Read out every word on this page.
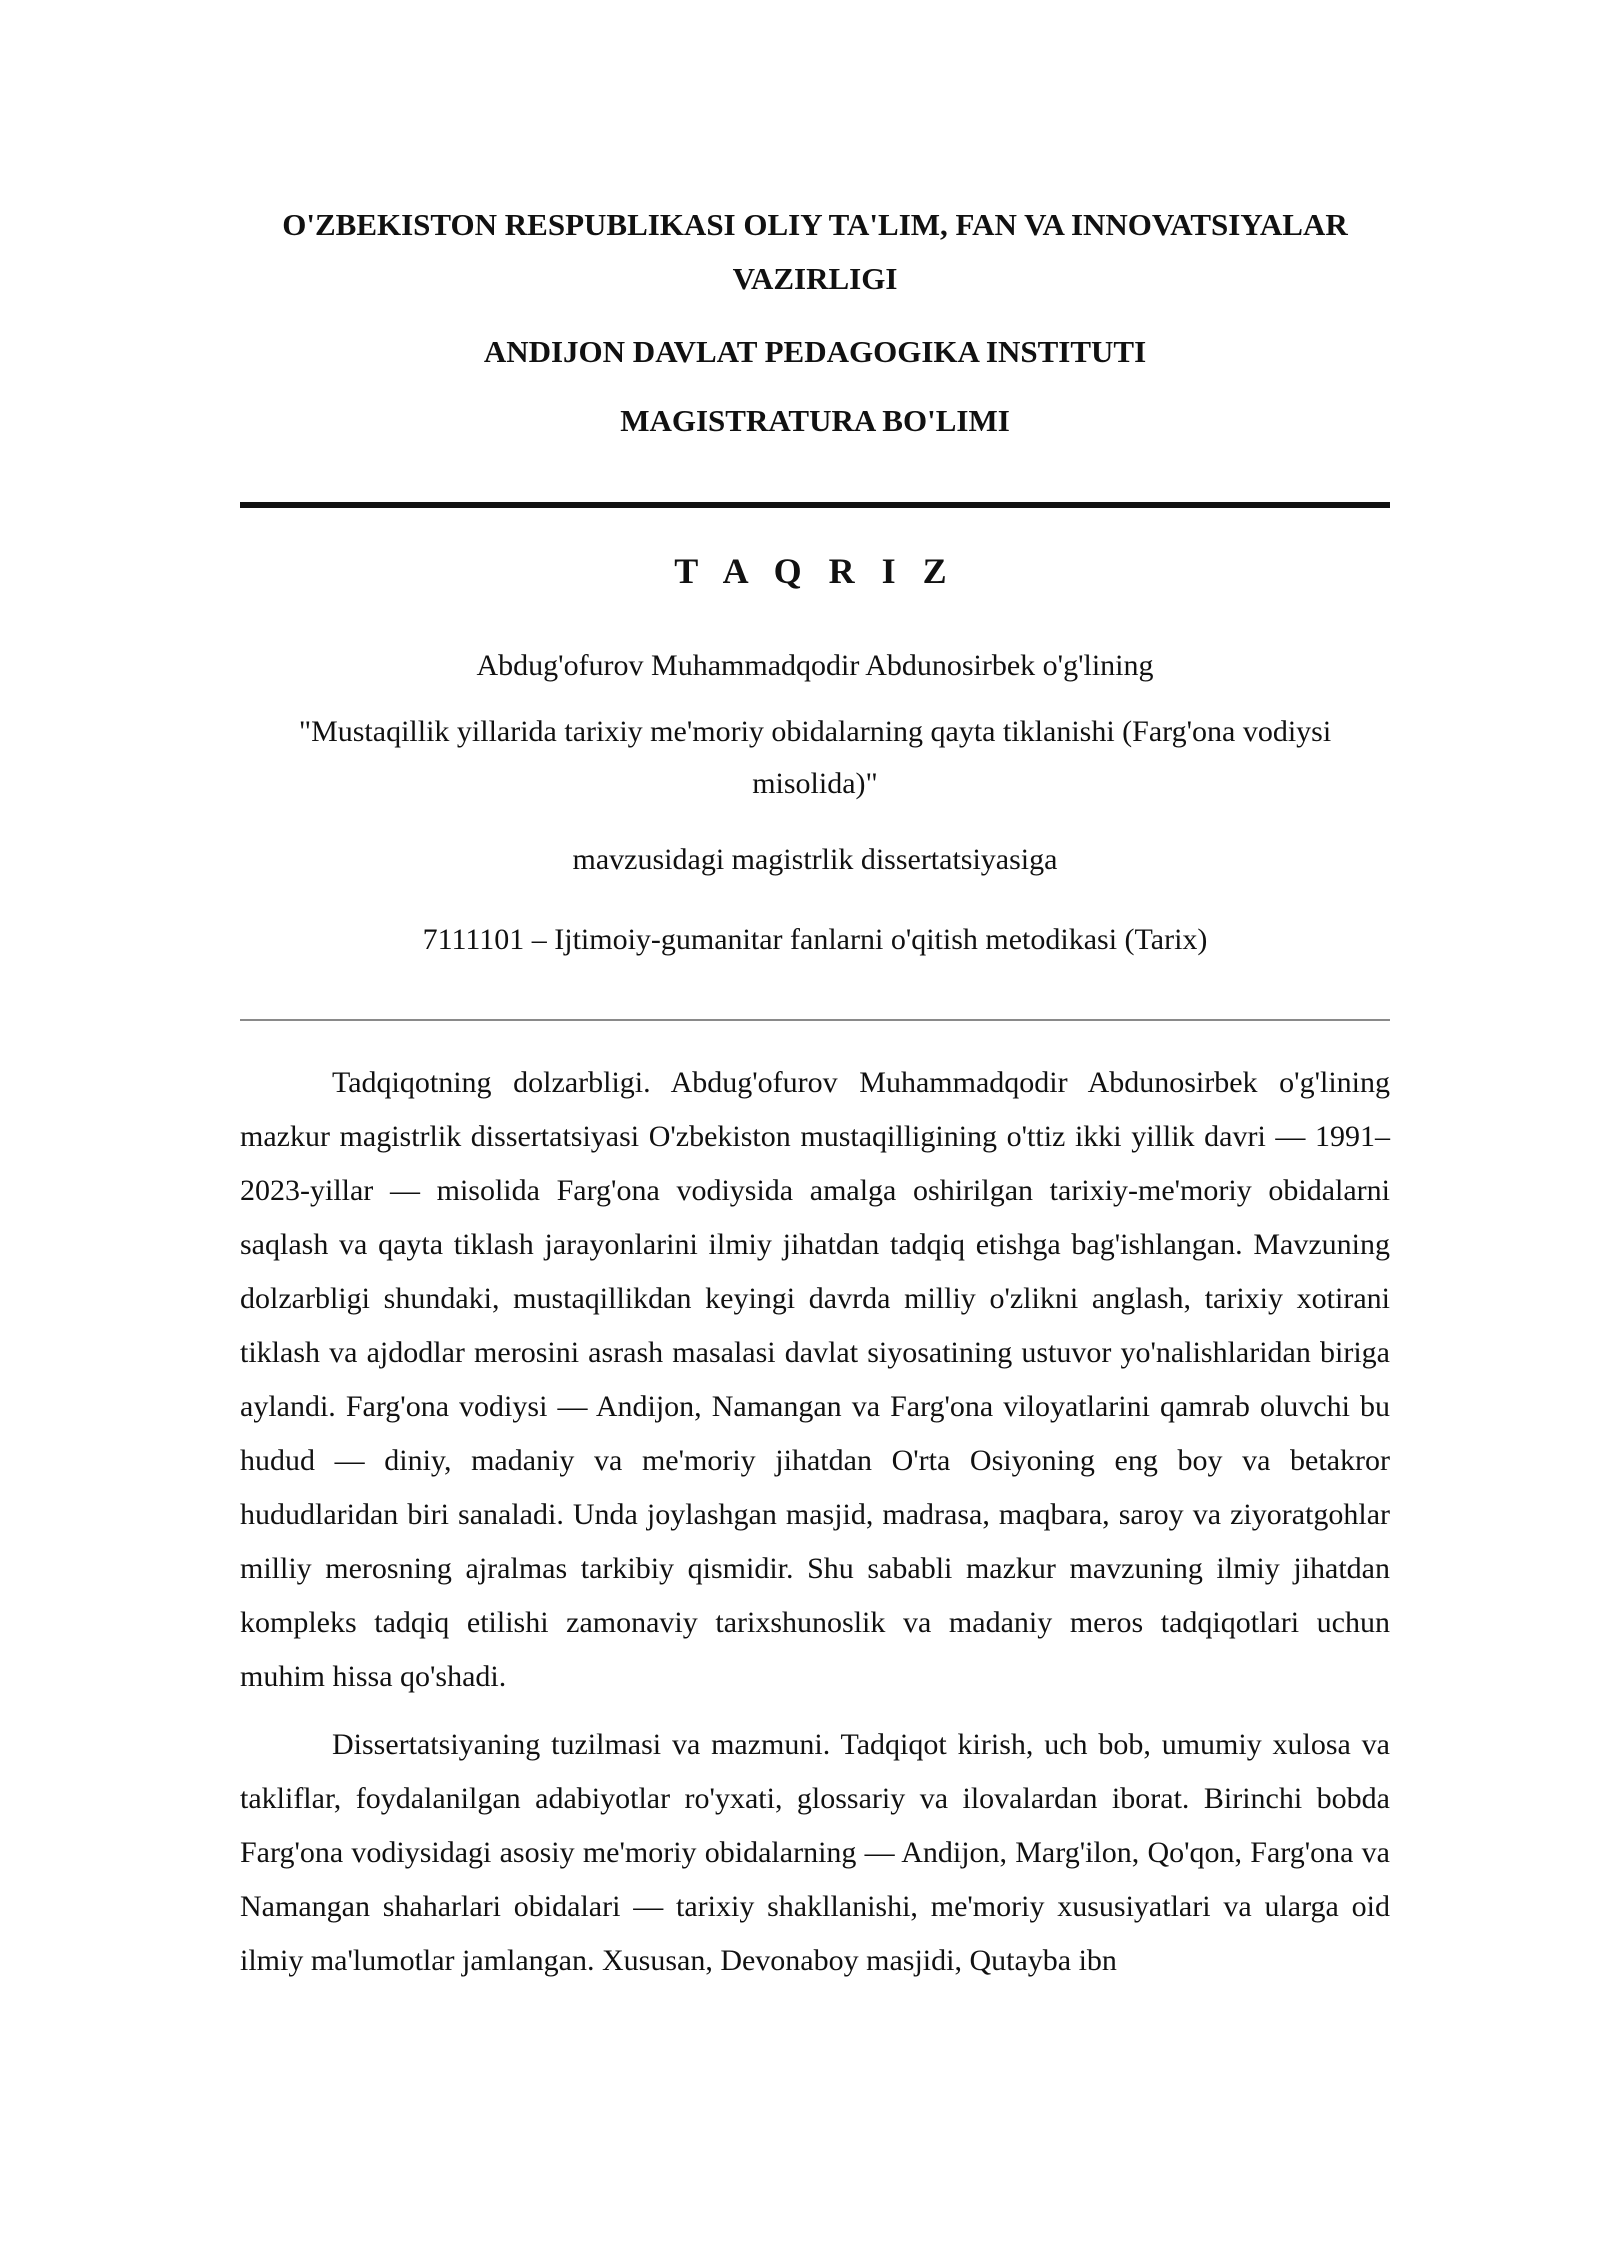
O'ZBEKISTON RESPUBLIKASI OLIY TA'LIM, FAN VA INNOVATSIYALAR VAZIRLIGI
ANDIJON DAVLAT PEDAGOGIKA INSTITUTI
MAGISTRATURA BO'LIMI
T A Q R I Z
Abdug'ofurov Muhammadqodir Abdunosirbek o'g'lining
"Mustaqillik yillarida tarixiy me'moriy obidalarning qayta tiklanishi (Farg'ona vodiysi misolida)"
mavzusidagi magistrlik dissertatsiyasiga
7111101 – Ijtimoiy-gumanitar fanlarni o'qitish metodikasi (Tarix)

Tadqiqotning dolzarbligi. Abdug'ofurov Muhammadqodir Abdunosirbek o'g'lining mazkur magistrlik dissertatsiyasi O'zbekiston mustaqilligining o'ttiz ikki yillik davri — 1991–2023-yillar — misolida Farg'ona vodiysida amalga oshirilgan tarixiy-me'moriy obidalarni saqlash va qayta tiklash jarayonlarini ilmiy jihatdan tadqiq etishga bag'ishlangan. Mavzuning dolzarbligi shundaki, mustaqillikdan keyingi davrda milliy o'zlikni anglash, tarixiy xotirani tiklash va ajdodlar merosini asrash masalasi davlat siyosatining ustuvor yo'nalishlaridan biriga aylandi. Farg'ona vodiysi — Andijon, Namangan va Farg'ona viloyatlarini qamrab oluvchi bu hudud — diniy, madaniy va me'moriy jihatdan O'rta Osiyoning eng boy va betakror hududlaridan biri sanaladi. Unda joylashgan masjid, madrasa, maqbara, saroy va ziyoratgohlar milliy merosning ajralmas tarkibiy qismidir. Shu sababli mazkur mavzuning ilmiy jihatdan kompleks tadqiq etilishi zamonaviy tarixshunoslik va madaniy meros tadqiqotlari uchun muhim hissa qo'shadi.

Dissertatsiyaning tuzilmasi va mazmuni. Tadqiqot kirish, uch bob, umumiy xulosa va takliflar, foydalanilgan adabiyotlar ro'yxati, glossariy va ilovalardan iborat. Birinchi bobda Farg'ona vodiysidagi asosiy me'moriy obidalarning — Andijon, Marg'ilon, Qo'qon, Farg'ona va Namangan shaharlari obidalari — tarixiy shakllanishi, me'moriy xususiyatlari va ularga oid ilmiy ma'lumotlar jamlangan. Xususan, Devonaboy masjidi, Qutayba ibn
